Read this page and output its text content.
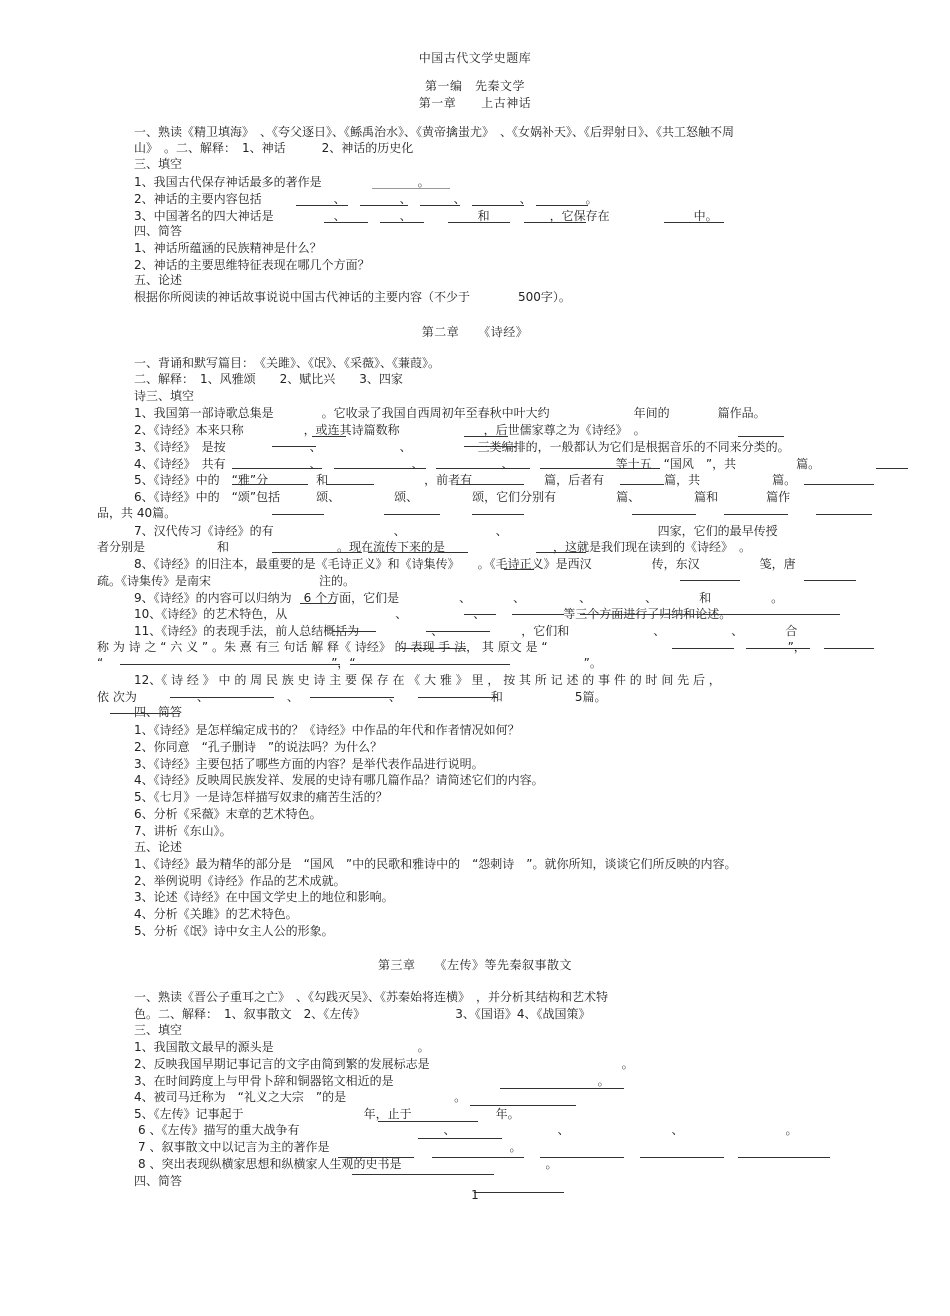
中国古代文学史题库
第一编　先秦文学
第一章　　上古神话
一、熟读《精卫填海》　、《夸父逐日》、《鲧禹治水》、《黄帝擒蚩尤》　、《女娲补天》、《后羿射日》、《共工怒触不周
山》　。二、解释：　1、神话　　　2、神话的历史化
三、填空
1、我国古代保存神话最多的著作是　　　　　　　　。
2、神话的主要内容包括　　　　　　、　　　　　、　　　　、　　　　　、　　　　　。
3、中国著名的四大神话是　　　　　、　　　　　、　　　　　　和　　　　　，它保存在　　　　　　　中。
四、简答
1、神话所蕴涵的民族精神是什么？
2、神话的主要思维特征表现在哪几个方面？
五、论述
根据你所阅读的神话故事说说中国古代神话的主要内容（不少于　　　　500字）。
第二章　　《诗经》
一、背诵和默写篇目：　《关雎》、《氓》、《采薇》、《蒹葭》。
二、解释：　1、风雅颂　　2、赋比兴　　3、四家
诗三、填空
1、我国第一部诗歌总集是　　　　。它收录了我国自西周初年至春秋中叶大约　　　　　　　年间的　　　　篇作品。
2、《诗经》本来只称　　　　　，或连其诗篇数称　　　　　　　，后世儒家尊之为《诗经》　。
3、《诗经》　是按　　　　　　　、　　　　　　　、　　　　　　三类编排的，一般都认为它们是根据音乐的不同来分类的。
4、《诗经》　共有　　　　　　　、　　　　　　　　、　　　　　　　、　　　　　　　　　等十五　“国风　”，共　　　　　篇。
5、《诗经》中的　“雅”分　　　　和　　　　　　　　，前者有　　　　　　篇，后者有　　　　　篇，共　　　　　　篇。
6、《诗经》中的　“颂”包括　　　颂、　　　　　颂、　　　　　颂，它们分别有　　　　　篇、　　　　　篇和　　　　篇作
品，共 40篇。
7、汉代传习《诗经》的有　　　　　　　　　　、　　　　　　　　、　　　　　　　　　　　　　四家，它们的最早传授
者分别是　　　　　　和　　　　　　　　　。现在流传下来的是　　　　　　　　　，这就是我们现在读到的《诗经》　。
8、《诗经》的旧注本，最重要的是《毛诗正义》和《诗集传》　　。《毛诗正义》是西汉　　　　　传，东汉　　　　　笺，唐
疏。《诗集传》是南宋　　　　　　　　　注的。
9、《诗经》的内容可以归纳为　6 个方面，它们是　　　　　、　　　　、　　　　　、　　　　　、　　　　和　　　　　。
10、《诗经》的艺术特色，从　　　　　　　　　、　　　　　　、　　　　　　　等三个方面进行了归纳和论述。
11、《诗经》的表现手法，前人总结概括为　　　　　　、　　　　　　　，它们和　　　　　　　、　　　　　　、　　　　合
称 为 诗 之 “ 六 义 ” 。朱 熹 有三 句话 解 释《 诗经》 的 表现 手 法， 其 原文 是 “　　　　　　　　　　　　　　　　　　　　”，
“　　　　　　　　　　　　　　　　　　　”，“　　　　　　　　　　　　　　　　　　　”。
12、《 诗 经 》 中 的 周 民 族 史 诗 主 要 保 存 在 《 大 雅 》 里 ， 按 其 所 记 述 的 事 件 的 时 间 先 后 ，
依 次为　　　　　、　　　　　　　、　　　　　　　　、　　　　　　　　和　　　　　　5篇。
四、简答
1、《诗经》是怎样编定成书的？《诗经》中作品的年代和作者情况如何？
2、你同意　“孔子删诗　”的说法吗？为什么？
3、《诗经》主要包括了哪些方面的内容？是举代表作品进行说明。
4、《诗经》反映周民族发祥、发展的史诗有哪几篇作品？请简述它们的内容。
5、《七月》一是诗怎样描写奴隶的痛苦生活的？
6、分析《采薇》末章的艺术特色。
7、讲析《东山》。
五、论述
1、《诗经》最为精华的部分是　“国风　”中的民歌和雅诗中的　“怨刺诗　”。就你所知，谈谈它们所反映的内容。
2、举例说明《诗经》作品的艺术成就。
3、论述《诗经》在中国文学史上的地位和影响。
4、分析《关雎》的艺术特色。
5、分析《氓》诗中女主人公的形象。
第三章　　《左传》等先秦叙事散文
一、熟读《晋公子重耳之亡》　、《勾践灭吴》、《苏秦始将连横》　，并分析其结构和艺术特
色。二、解释：　1、叙事散文　2、《左传》　　　　　　　　3、《国语》4、《战国策》
三、填空
1、我国散文最早的源头是　　　　　　　　　　　　。
2、反映我国早期记事记言的文字由简到繁的发展标志是　　　　　　　　　　　　　　　　。
3、在时间跨度上与甲骨卜辞和铜器铭文相近的是　　　　　　　　　　　　　　　　　。
4、被司马迁称为　“礼义之大宗　”的是　　　　　　　　　。
5、《左传》记事起于　　　　　　　　　　年，止于　　　　　　　年。
6 、《左传》描写的重大战争有　　　　　　　　　　　　、　　　　　　　　　、　　　　　　　　　、　　　　　　　　　。
7 、叙事散文中以记言为主的著作是　　　　　　　　　　　　　　　。
8 、突出表现纵横家思想和纵横家人生观的史书是　　　　　　　　　　　　。
四、简答
1
